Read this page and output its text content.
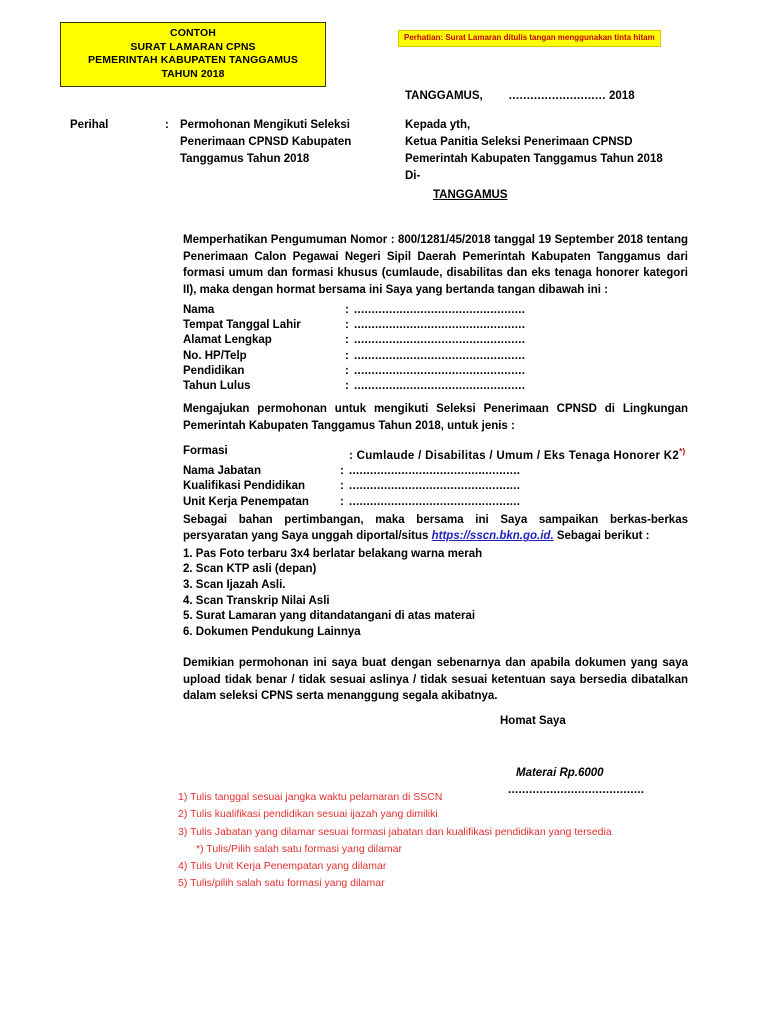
CONTOH
SURAT LAMARAN CPNS
PEMERINTAH KABUPATEN TANGGAMUS
TAHUN 2018
Perhatian: Surat Lamaran ditulis tangan menggunakan tinta hitam
TANGGAMUS, ........................... 2018
Perihal	: Permohonan Mengikuti Seleksi
Penerimaan CPNSD Kabupaten
Tanggamus Tahun 2018
Kepada yth,
Ketua Panitia Seleksi Penerimaan CPNSD
Pemerintah Kabupaten Tanggamus Tahun 2018
Di-
TANGGAMUS
Memperhatikan Pengumuman Nomor : 800/1281/45/2018 tanggal 19 September 2018 tentang Penerimaan Calon Pegawai Negeri Sipil Daerah Pemerintah Kabupaten Tanggamus dari formasi umum dan formasi khusus (cumlaude, disabilitas dan eks tenaga honorer kategori II), maka dengan hormat bersama ini Saya yang bertanda tangan dibawah ini :
Nama	:	.................................................
Tempat Tanggal Lahir	:	.................................................
Alamat Lengkap	:	.................................................
No. HP/Telp	:	.................................................
Pendidikan	:	.................................................
Tahun Lulus	:	.................................................
Mengajukan permohonan untuk mengikuti Seleksi Penerimaan CPNSD di Lingkungan Pemerintah Kabupaten Tanggamus Tahun 2018, untuk jenis :
Formasi		: Cumlaude / Disabilitas / Umum / Eks Tenaga Honorer K2*)
Nama Jabatan	:	.................................................
Kualifikasi Pendidikan	:	.................................................
Unit Kerja Penempatan	:	.................................................
Sebagai bahan pertimbangan, maka bersama ini Saya sampaikan berkas-berkas persyaratan yang Saya unggah diportal/situs https://sscn.bkn.go.id. Sebagai berikut :
1. Pas Foto terbaru 3x4 berlatar belakang warna merah
2. Scan KTP asli (depan)
3. Scan Ijazah Asli.
4. Scan Transkrip Nilai Asli
5. Surat Lamaran yang ditandatangani di atas materai
6. Dokumen Pendukung Lainnya
Demikian permohonan ini saya buat dengan sebenarnya dan apabila dokumen yang saya upload tidak benar / tidak sesuai aslinya / tidak sesuai ketentuan saya bersedia dibatalkan dalam seleksi CPNS serta menanggung segala akibatnya.
Homat Saya
Materai Rp.6000
.......................................
1) Tulis tanggal sesuai jangka waktu pelamaran di SSCN
2) Tulis kualifikasi pendidikan sesuai ijazah yang dimiliki
3) Tulis Jabatan yang dilamar sesuai formasi jabatan dan kualifikasi pendidikan yang tersedia
*) Tulis/Pilih salah satu formasi yang dilamar
4) Tulis Unit Kerja Penempatan yang dilamar
5) Tulis/pilih salah satu formasi yang dilamar
